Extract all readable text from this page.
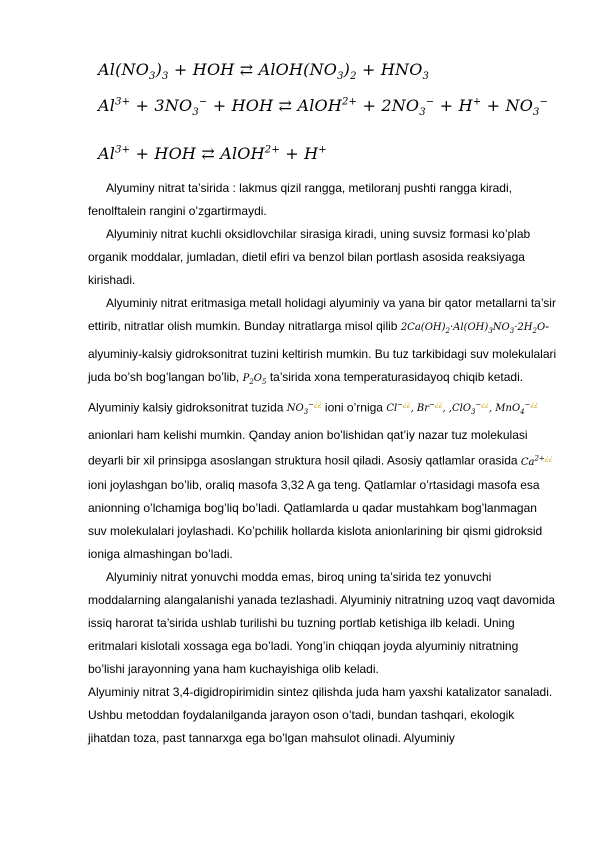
$Al(NO_3)_3$ + HOH ⇄ $AlOH(NO_3)_2 + HNO_3$
$Al^{3+} + 3NO_3^-$ + HOH ⇄ AlOH$^{2+}$ + $2NO_3^- + H^+ + NO_3^-$
$Al^{3+}$ + HOH ⇄ AlOH$^{2+}$ + H+

Alyuminy nitrat ta’sirida : lakmus qizil rangga, metiloranj pushti rangga kiradi, fenolftalein rangini o’zgartirmaydi.

Alyuminiy nitrat kuchli oksidlovchilar sirasiga kiradi, uning suvsiz formasi ko’plab organik moddalar, jumladan, dietil efiri va benzol bilan portlash asosida reaksiyaga kirishadi.

Alyuminiy nitrat eritmasiga metall holidagi alyuminiy va yana bir qator metallarni ta’sir ettirib, nitratlar olish mumkin. Bunday nitratlarga misol qilib $2Ca(OH)_2\cdot Al(OH)_3NO_3\cdot 2H_2O-alyuminiy$-kalsiy gidroksonitrat tuzini keltirish mumkin. Bu tuz tarkibidagi suv molekulalari juda bo’sh bog’langan bo’lib, $P_2O_5$ ta’sirida xona temperaturasidayoq chiqib ketadi. Alyuminiy kalsiy gidroksonitrat tuzida $NO_3^{-¿¿}$ ioni o’rniga Cl−¿¿, Br−¿¿, ,ClO$_3$−¿¿, MnO$_4$−¿¿ anionlari ham kelishi mumkin. Qanday anion bo’lishidan qat’iy nazar tuz molekulasi deyarli bir xil prinsipga asoslangan struktura hosil qiladi. Asosiy qatlamlar orasida $Ca^{2+¿¿}$ ioni joylashgan bo’lib, oraliq masofa 3,32 A ga teng. Qatlamlar o’rtasidagi masofa esa anionning o’lchamiga bog’liq bo’ladi. Qatlamlarda u qadar mustahkam bog’lanmagan suv molekulalari joylashadi. Ko’pchilik hollarda kislota anionlarining bir qismi gidroksid ioniga almashingan bo’ladi.

Alyuminiy nitrat yonuvchi modda emas, biroq uning ta’sirida tez yonuvchi moddalarning alangalanishi yanada tezlashadi. Alyuminiy nitratning uzoq vaqt davomida issiq harorat ta’sirida ushlab turilishi bu tuzning portlab ketishiga ilb keladi. Uning eritmalari kislotali xossaga ega bo’ladi. Yong’in chiqqan joyda alyuminiy nitratning bo’lishi jarayonning yana ham kuchayishiga olib keladi.

Alyuminiy nitrat 3,4-digidropirimidin sintez qilishda juda ham yaxshi katalizator sanaladi. Ushbu metoddan foydalanilganda jarayon oson o’tadi, bundan tashqari, ekologik jihatdan toza, past tannarxga ega bo’lgan mahsulot olinadi. Alyuminiy
